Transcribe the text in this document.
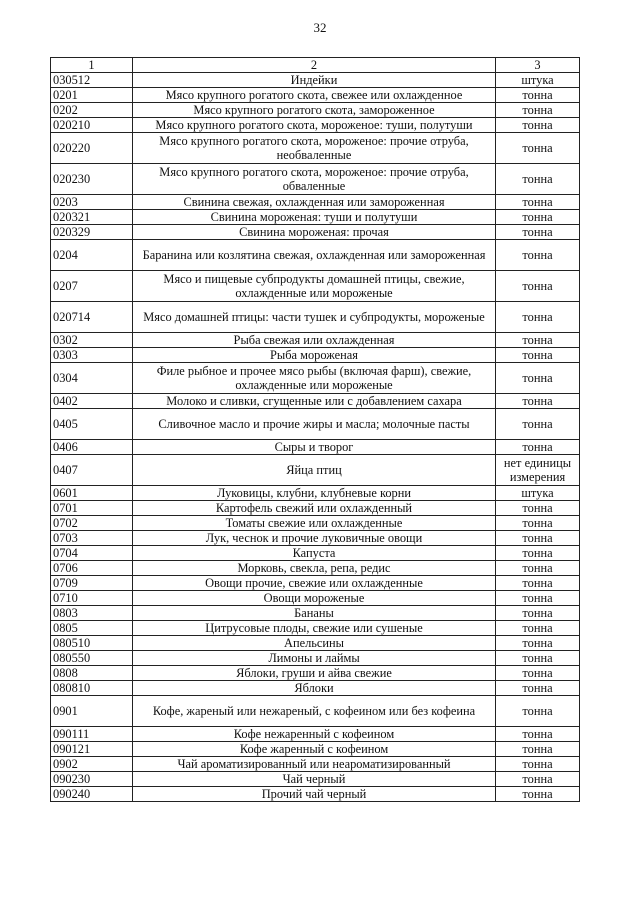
32
1	2	3
030512	Индейки	штука
0201	Мясо крупного рогатого скота, свежее или охлажденное	тонна
0202	Мясо крупного рогатого скота, замороженное	тонна
020210	Мясо крупного рогатого скота, мороженое: туши, полутуши	тонна
020220	Мясо крупного рогатого скота, мороженое: прочие отруба, необваленные	тонна
020230	Мясо крупного рогатого скота, мороженое: прочие отруба, обваленные	тонна
0203	Свинина свежая, охлажденная или замороженная	тонна
020321	Свинина мороженая: туши и полутуши	тонна
020329	Свинина мороженая: прочая	тонна
0204	Баранина или козлятина свежая, охлажденная или замороженная	тонна
0207	Мясо и пищевые субпродукты домашней птицы, свежие, охлажденные или мороженые	тонна
020714	Мясо домашней птицы: части тушек и субпродукты, мороженые	тонна
0302	Рыба свежая или охлажденная	тонна
0303	Рыба мороженая	тонна
0304	Филе рыбное и прочее мясо рыбы (включая фарш), свежие, охлажденные или мороженые	тонна
0402	Молоко и сливки, сгущенные или с добавлением сахара	тонна
0405	Сливочное масло и прочие жиры и масла; молочные пасты	тонна
0406	Сыры и творог	тонна
0407	Яйца птиц	нет единицы измерения
0601	Луковицы, клубни, клубневые корни	штука
0701	Картофель свежий или охлажденный	тонна
0702	Томаты свежие или охлажденные	тонна
0703	Лук, чеснок и прочие луковичные овощи	тонна
0704	Капуста	тонна
0706	Морковь, свекла, репа, редис	тонна
0709	Овощи прочие, свежие или охлажденные	тонна
0710	Овощи мороженые	тонна
0803	Бананы	тонна
0805	Цитрусовые плоды, свежие или сушеные	тонна
080510	Апельсины	тонна
080550	Лимоны и лаймы	тонна
0808	Яблоки, груши и айва свежие	тонна
080810	Яблоки	тонна
0901	Кофе, жареный или нежареный, с кофеином или без кофеина	тонна
090111	Кофе нежаренный с кофеином	тонна
090121	Кофе жаренный с кофеином	тонна
0902	Чай ароматизированный или неароматизированный	тонна
090230	Чай черный	тонна
090240	Прочий чай черный	тонна
